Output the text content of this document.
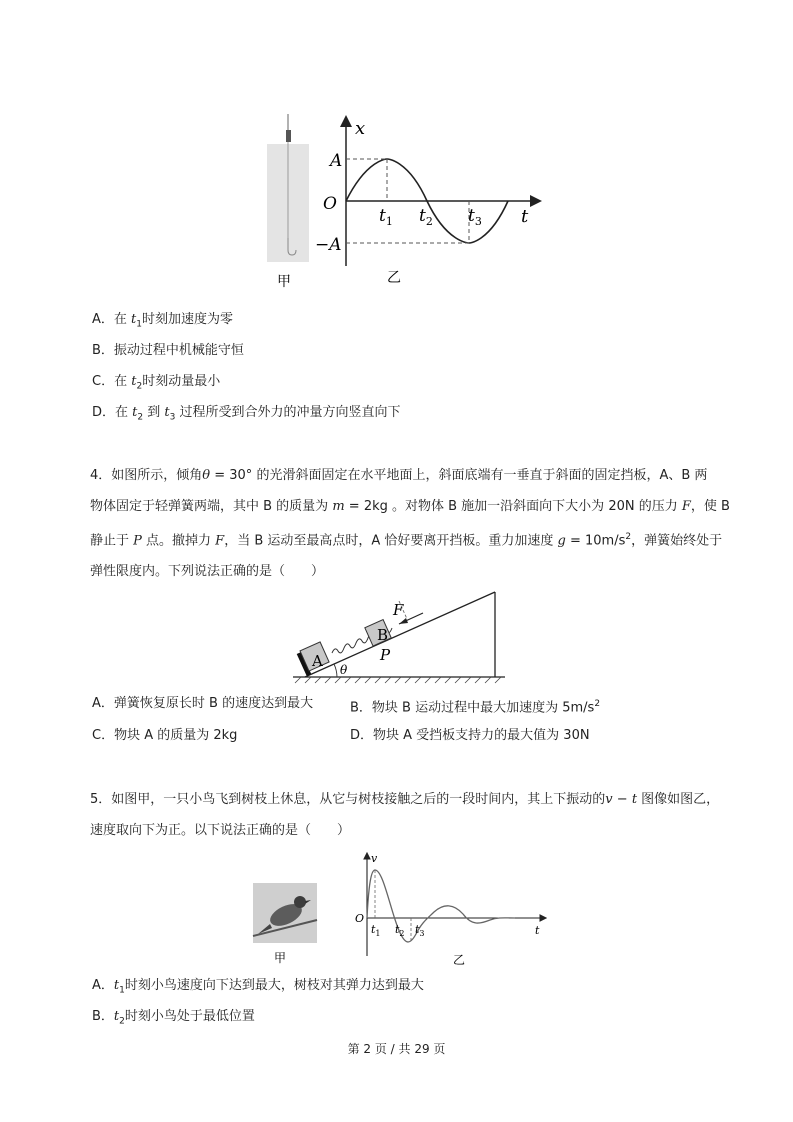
甲
x
A
O
−A
$t_1$ $t_2$ $t_3$ t
乙
A．在 $t_1$时刻加速度为零
B．振动过程中机械能守恒
C．在 $t_2$时刻动量最小
D．在 $t_2$ 到 $t_3$ 过程所受到合外力的冲量方向竖直向下
4．如图所示，倾角θ = 30° 的光滑斜面固定在水平地面上，斜面底端有一垂直于斜面的固定挡板，A、B 两
物体固定于轻弹簧两端，其中 B 的质量为 m = 2kg 。对物体 B 施加一沿斜面向下大小为 20N 的压力 F，使 B
静止于 P 点。撤掉力 F，当 B 运动至最高点时，A 恰好要离开挡板。重力加速度 $g = 10m/s^2$，弹簧始终处于
弹性限度内。下列说法正确的是（　　）
A
B
F
P
θ
A．弹簧恢复原长时 B 的速度达到最大	B．物块 B 运动过程中最大加速度为 $5m/s^2$
C．物块 A 的质量为 2kg	D．物块 A 受挡板支持力的最大值为 30N
5．如图甲，一只小鸟飞到树枝上休息，从它与树枝接触之后的一段时间内，其上下振动的v − t 图像如图乙，
速度取向下为正。以下说法正确的是（　　）
甲
v
O
$t_1$ $t_2$ $t_3$	t
乙
A．$t_1$时刻小鸟速度向下达到最大，树枝对其弹力达到最大
B．$t_2$时刻小鸟处于最低位置
第 2 页 / 共 29 页
